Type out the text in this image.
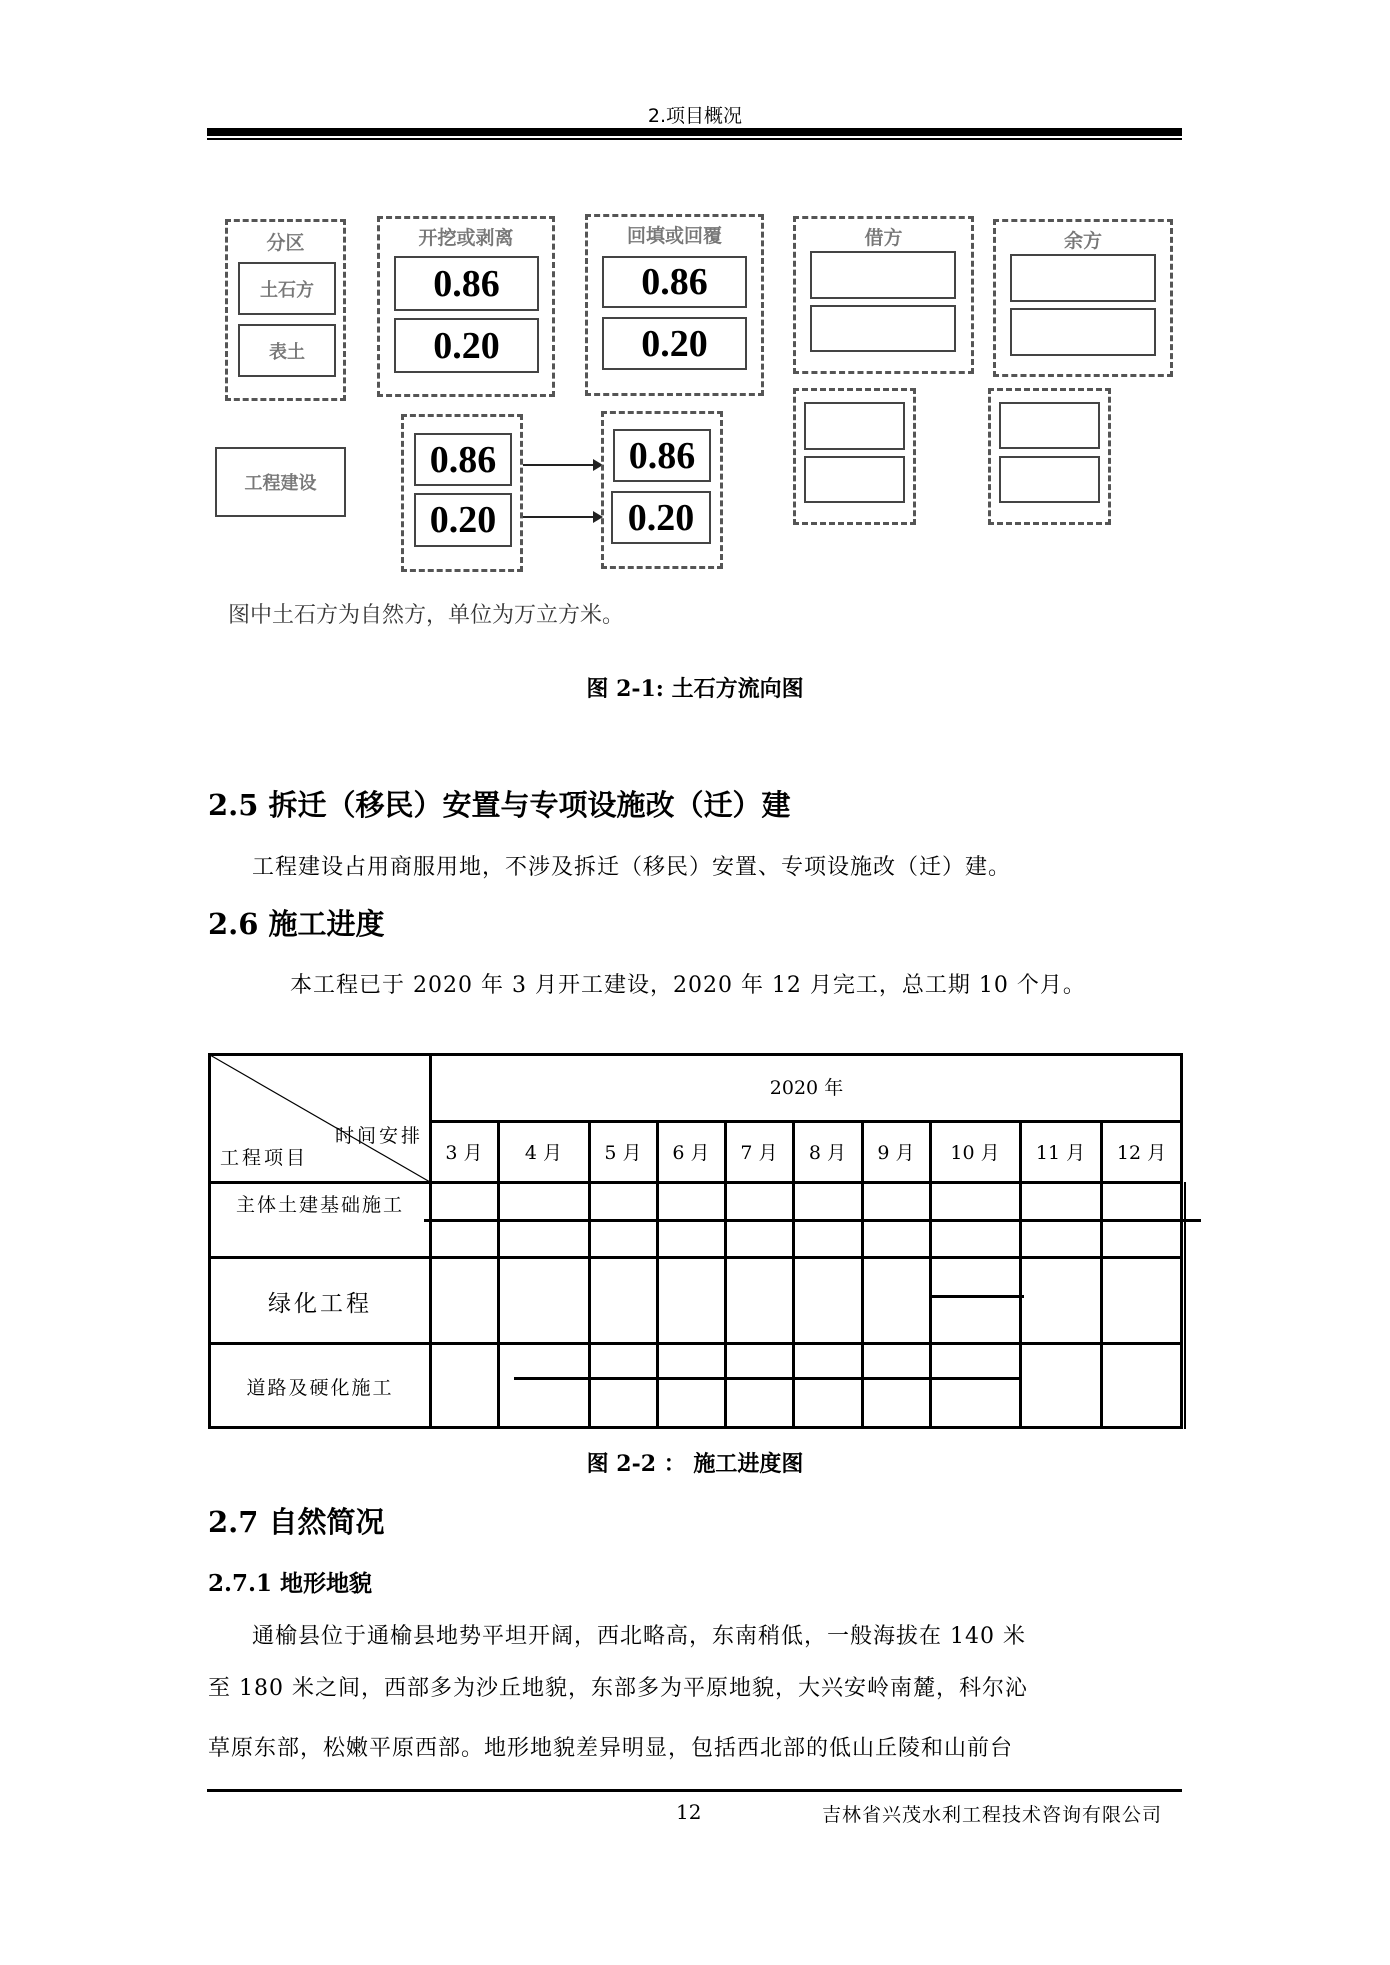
2.项目概况
分区
土石方
表土
开挖或剥离
0.86
0.20
回填或回覆
0.86
0.20
借方	余方
工程建设
0.86
0.20
0.86
0.20
图中土石方为自然方，单位为万立方米。
图 2-1: 土石方流向图
2.5 拆迁（移民）安置与专项设施改（迁）建
工程建设占用商服用地，不涉及拆迁（移民）安置、专项设施改（迁）建。
2.6 施工进度
本工程已于 2020 年 3 月开工建设，2020 年 12 月完工，总工期 10 个月。
时间安排
工程项目
2020 年
3 月	4 月	5 月	6 月	7 月	8 月	9 月	10 月	11 月	12 月
主体土建基础施工
绿化工程
道路及硬化施工
图 2-2 ： 施工进度图
2.7 自然简况
2.7.1 地形地貌
通榆县位于通榆县地势平坦开阔，西北略高，东南稍低，一般海拔在 140 米
至 180 米之间，西部多为沙丘地貌，东部多为平原地貌，大兴安岭南麓，科尔沁
草原东部，松嫩平原西部。地形地貌差异明显，包括西北部的低山丘陵和山前台
12	吉林省兴茂水利工程技术咨询有限公司
